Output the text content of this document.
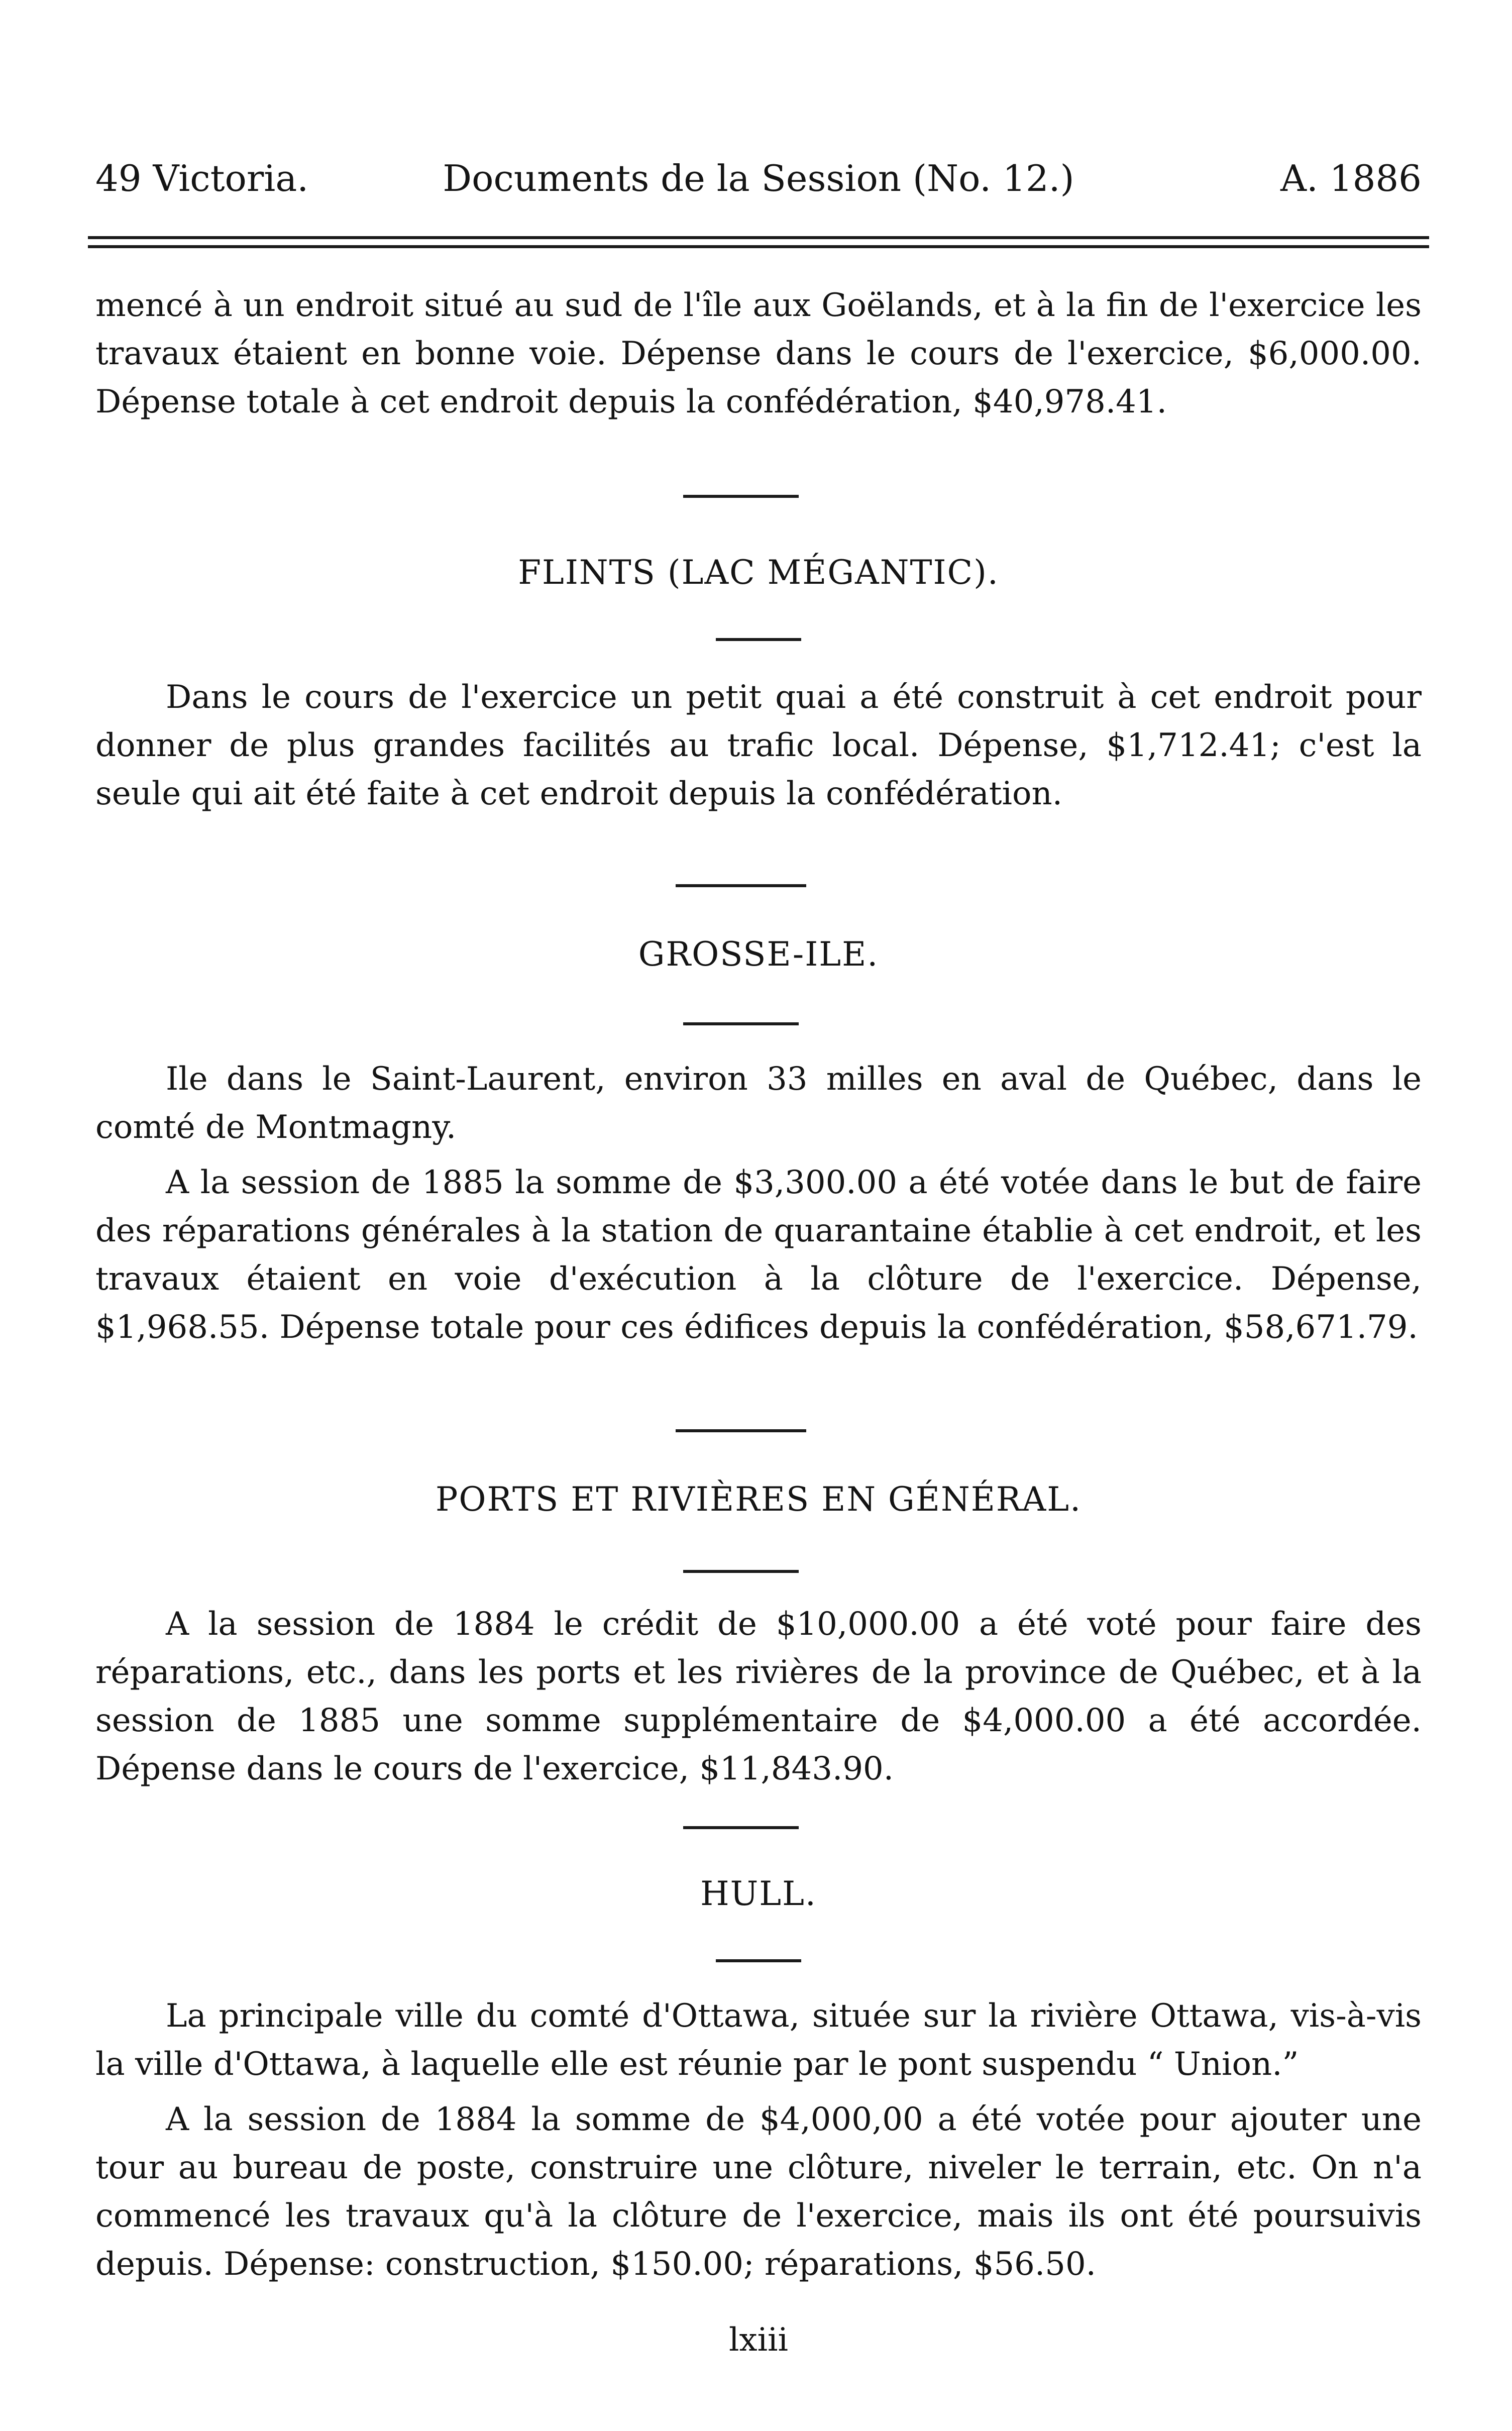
49 Victoria.	Documents de la Session (No. 12.)	A. 1886

mencé à un endroit situé au sud de l'île aux Goëlands, et à la fin de l'exercice les travaux étaient en bonne voie. Dépense dans le cours de l'exercice, $6,000.00. Dépense totale à cet endroit depuis la confédération, $40,978.41.

FLINTS (LAC MÉGANTIC).

Dans le cours de l'exercice un petit quai a été construit à cet endroit pour donner de plus grandes facilités au trafic local. Dépense, $1,712.41; c'est la seule qui ait été faite à cet endroit depuis la confédération.

GROSSE-ILE.

Ile dans le Saint-Laurent, environ 33 milles en aval de Québec, dans le comté de Montmagny.

A la session de 1885 la somme de $3,300.00 a été votée dans le but de faire des réparations générales à la station de quarantaine établie à cet endroit, et les travaux étaient en voie d'exécution à la clôture de l'exercice. Dépense, $1,968.55. Dépense totale pour ces édifices depuis la confédération, $58,671.79.

PORTS ET RIVIÈRES EN GÉNÉRAL.

A la session de 1884 le crédit de $10,000.00 a été voté pour faire des réparations, etc., dans les ports et les rivières de la province de Québec, et à la session de 1885 une somme supplémentaire de $4,000.00 a été accordée. Dépense dans le cours de l'exercice, $11,843.90.

HULL.

La principale ville du comté d'Ottawa, située sur la rivière Ottawa, vis-à-vis la ville d'Ottawa, à laquelle elle est réunie par le pont suspendu “ Union.”

A la session de 1884 la somme de $4,000,00 a été votée pour ajouter une tour au bureau de poste, construire une clôture, niveler le terrain, etc. On n'a commencé les travaux qu'à la clôture de l'exercice, mais ils ont été poursuivis depuis. Dépense: construction, $150.00; réparations, $56.50.

lxiii
